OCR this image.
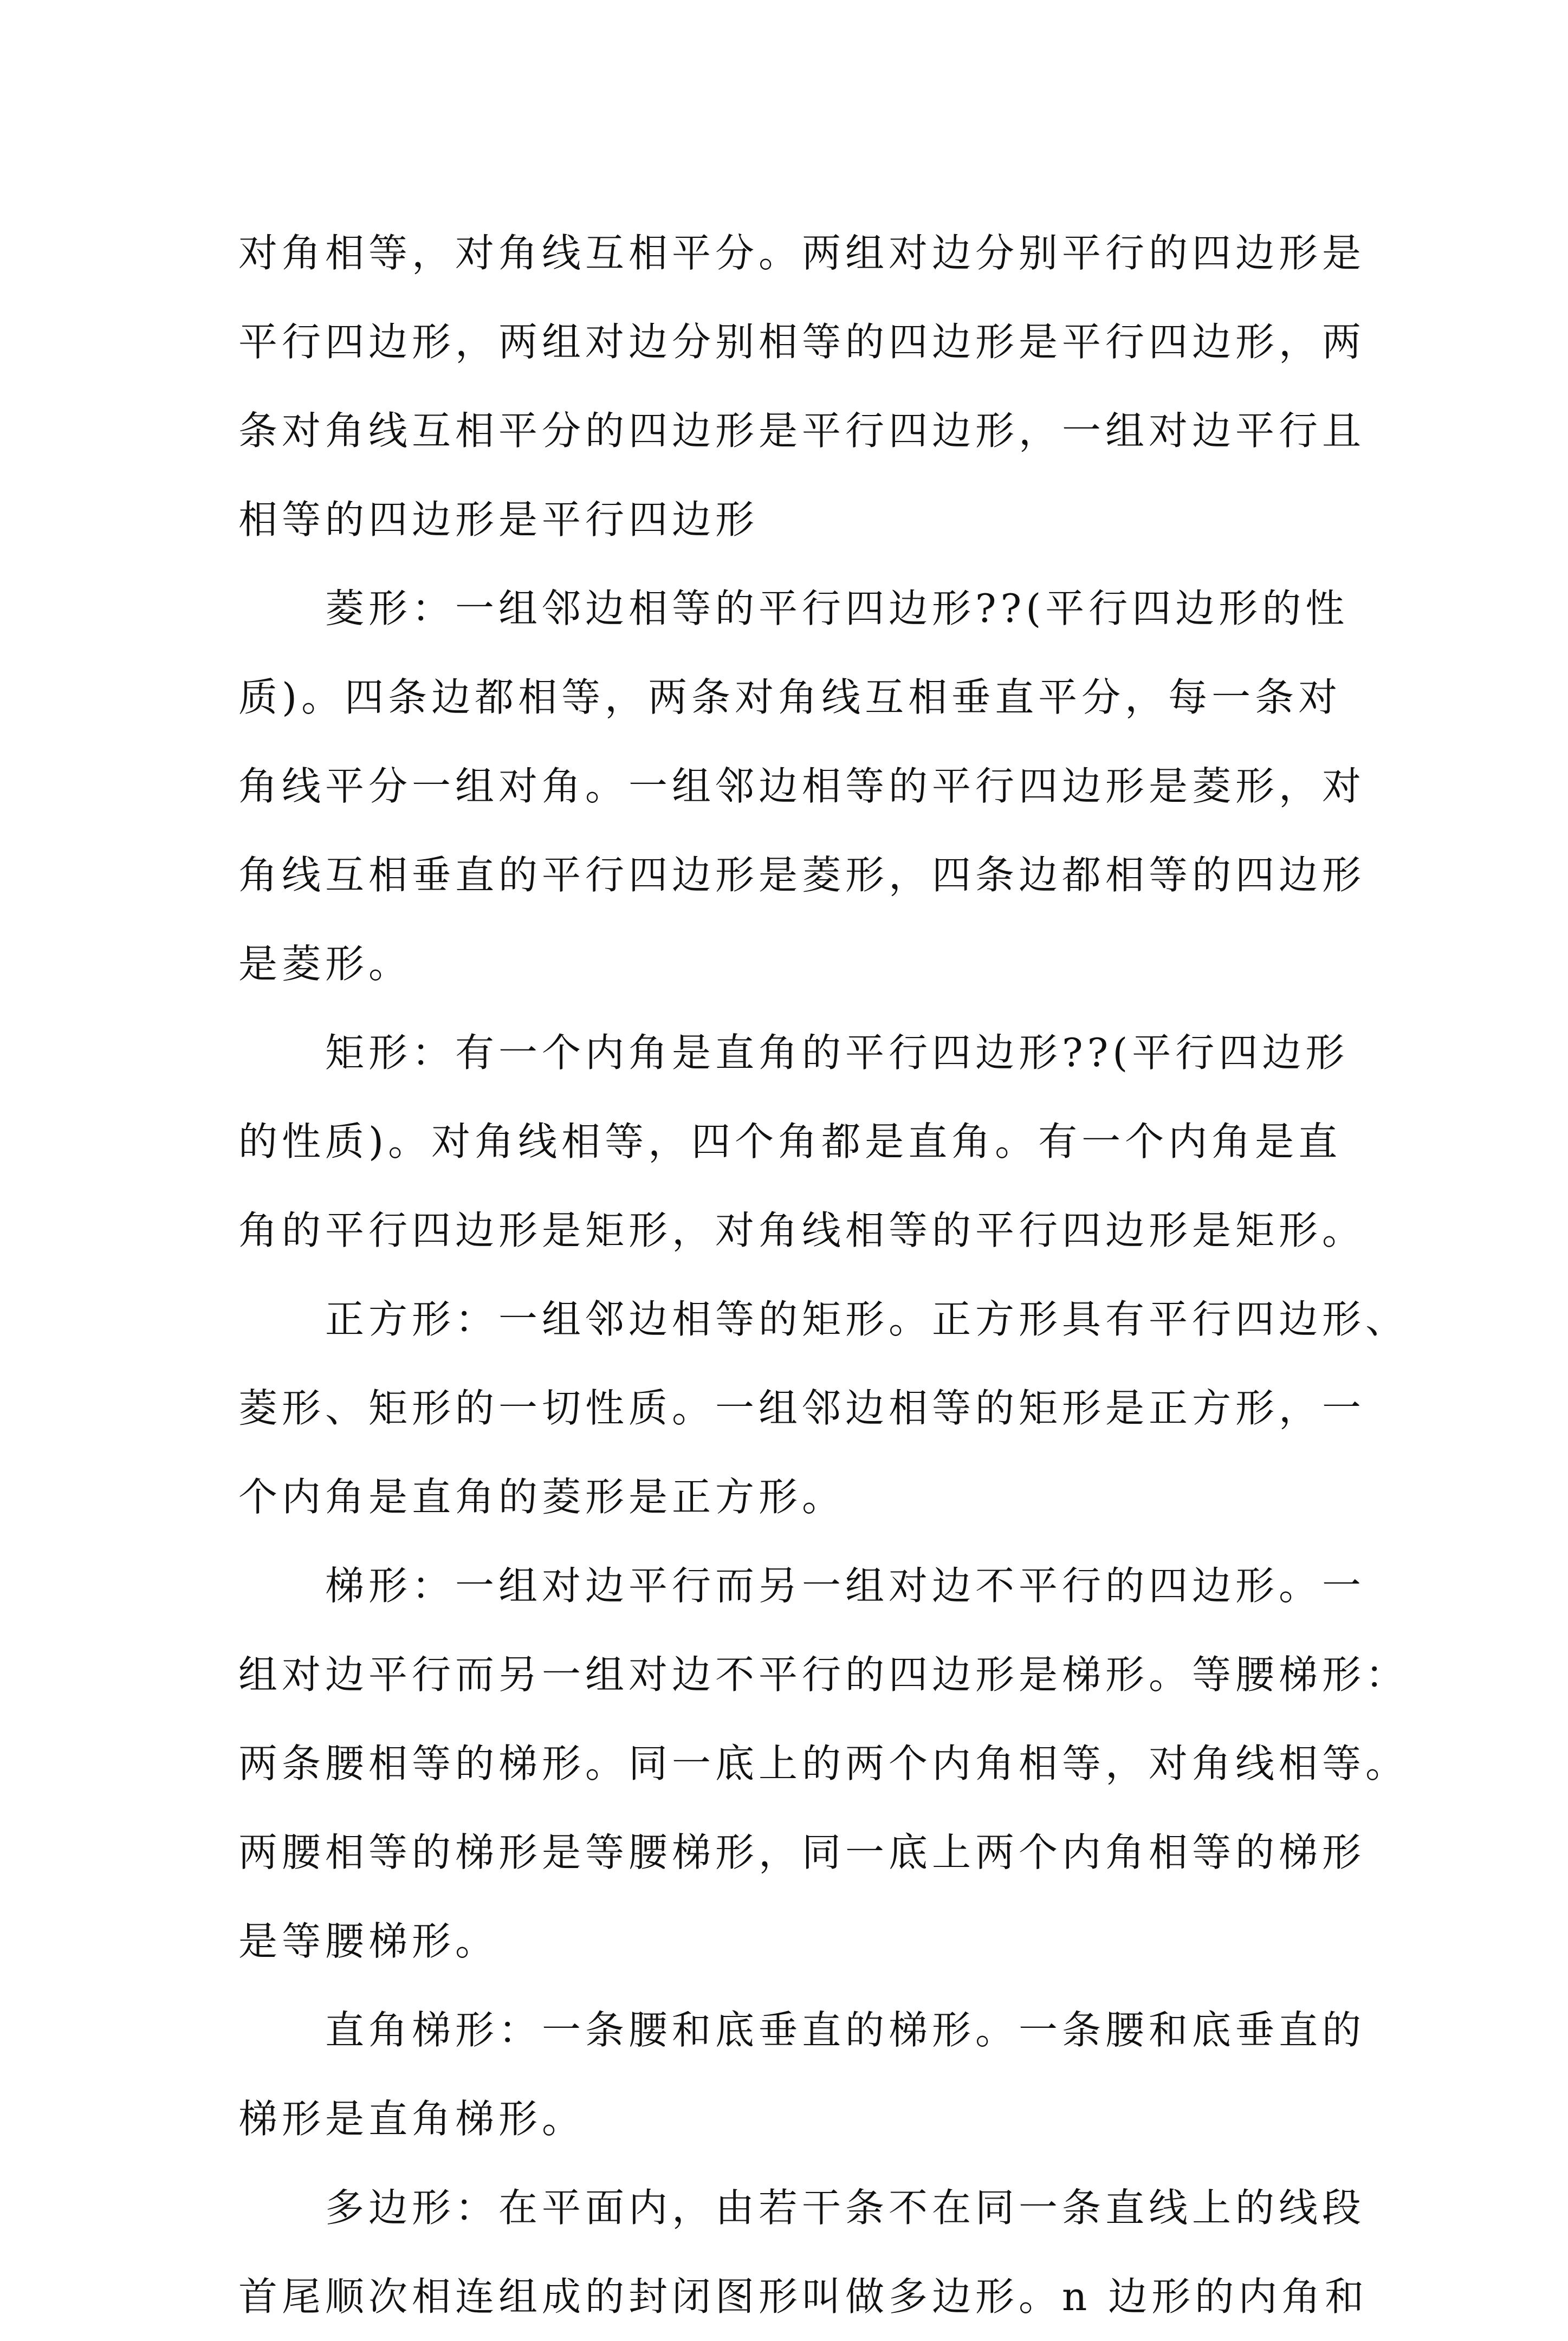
对角相等，对角线互相平分。两组对边分别平行的四边形是
平行四边形，两组对边分别相等的四边形是平行四边形，两
条对角线互相平分的四边形是平行四边形，一组对边平行且
相等的四边形是平行四边形
菱形：一组邻边相等的平行四边形??(平行四边形的性
质)。四条边都相等，两条对角线互相垂直平分，每一条对
角线平分一组对角。一组邻边相等的平行四边形是菱形，对
角线互相垂直的平行四边形是菱形，四条边都相等的四边形
是菱形。
矩形：有一个内角是直角的平行四边形??(平行四边形
的性质)。对角线相等，四个角都是直角。有一个内角是直
角的平行四边形是矩形，对角线相等的平行四边形是矩形。
正方形：一组邻边相等的矩形。正方形具有平行四边形、
菱形、矩形的一切性质。一组邻边相等的矩形是正方形，一
个内角是直角的菱形是正方形。
梯形：一组对边平行而另一组对边不平行的四边形。一
组对边平行而另一组对边不平行的四边形是梯形。等腰梯形：
两条腰相等的梯形。同一底上的两个内角相等，对角线相等。
两腰相等的梯形是等腰梯形，同一底上两个内角相等的梯形
是等腰梯形。
直角梯形：一条腰和底垂直的梯形。一条腰和底垂直的
梯形是直角梯形。
多边形：在平面内，由若干条不在同一条直线上的线段
首尾顺次相连组成的封闭图形叫做多边形。n 边形的内角和
